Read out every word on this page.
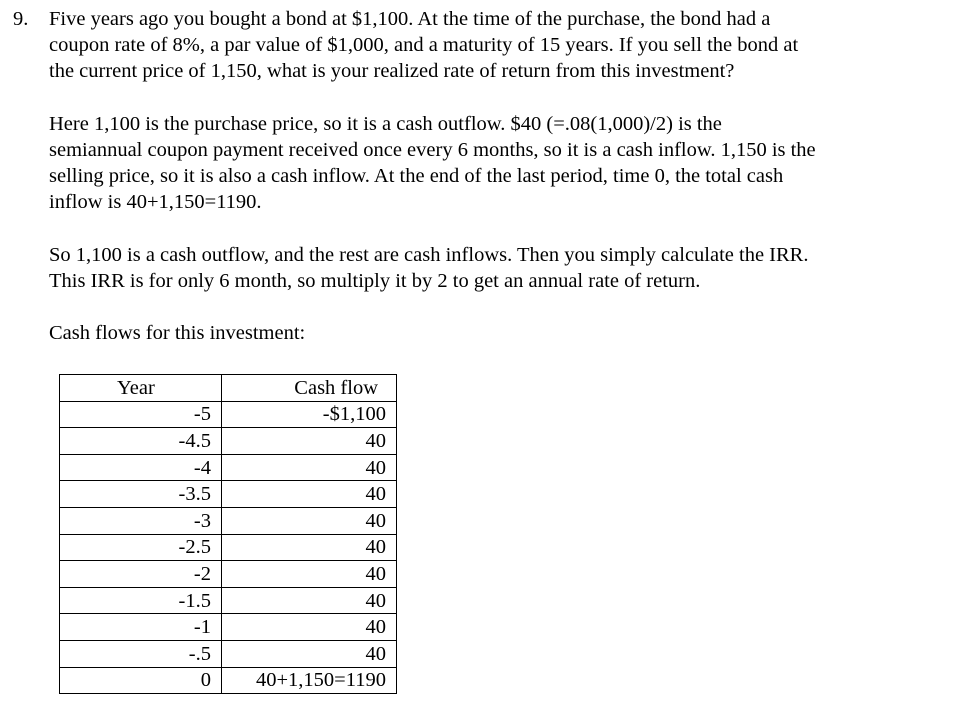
9. Five years ago you bought a bond at $1,100. At the time of the purchase, the bond had a
coupon rate of 8%, a par value of $1,000, and a maturity of 15 years. If you sell the bond at
the current price of 1,150, what is your realized rate of return from this investment?

Here 1,100 is the purchase price, so it is a cash outflow. $40 (=.08(1,000)/2) is the
semiannual coupon payment received once every 6 months, so it is a cash inflow. 1,150 is the
selling price, so it is also a cash inflow. At the end of the last period, time 0, the total cash
inflow is 40+1,150=1190.

So 1,100 is a cash outflow, and the rest are cash inflows. Then you simply calculate the IRR.
This IRR is for only 6 month, so multiply it by 2 to get an annual rate of return.

Cash flows for this investment:

Year	Cash flow
-5	-$1,100
-4.5	40
-4	40
-3.5	40
-3	40
-2.5	40
-2	40
-1.5	40
-1	40
-.5	40
0	40+1,150=1190
